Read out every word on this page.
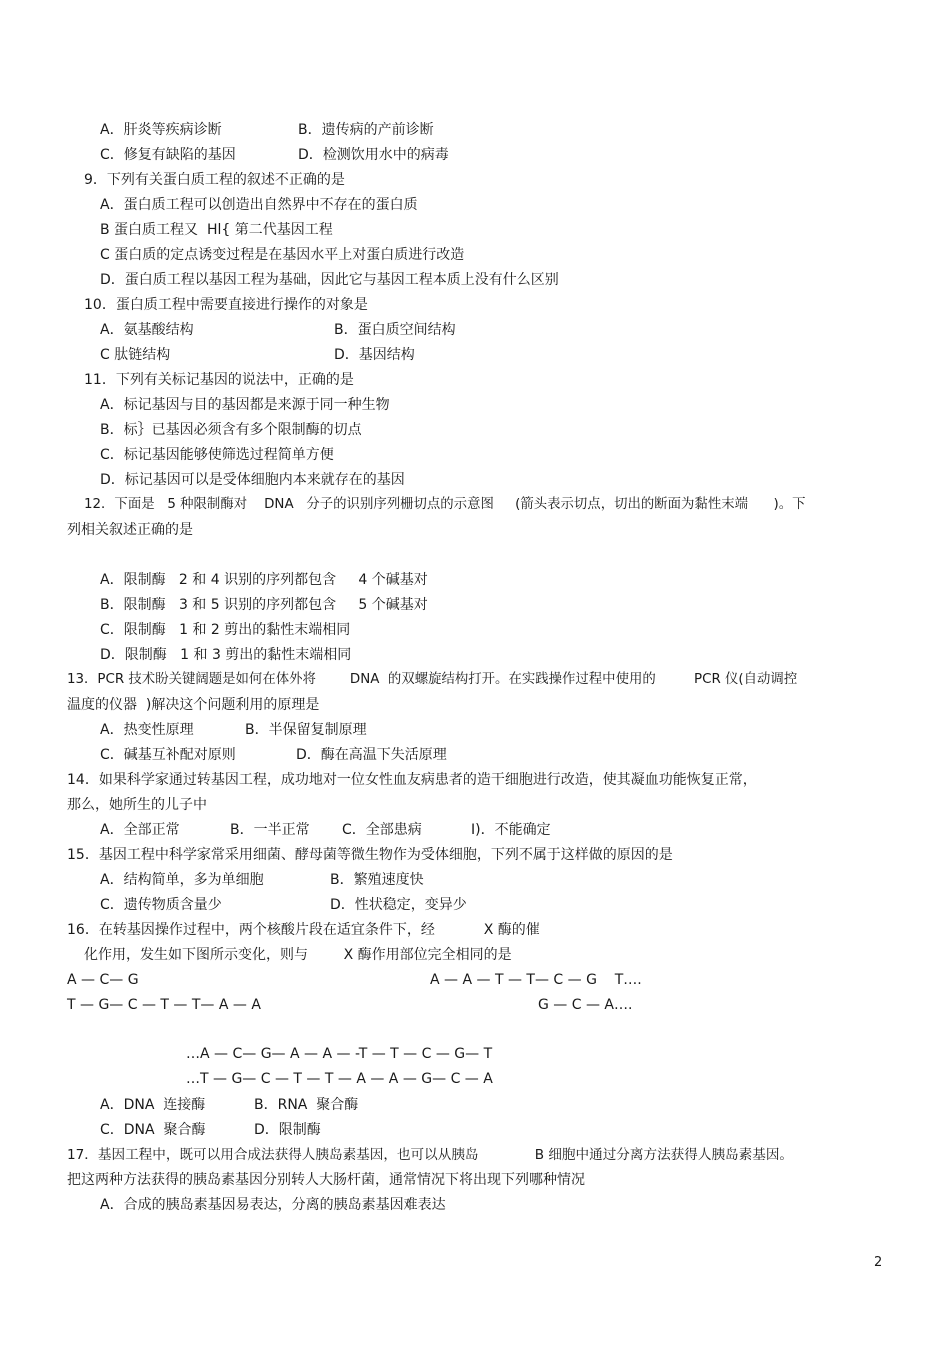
A．肝炎等疾病诊断	B．遗传病的产前诊断
C．修复有缺陷的基因	D．检测饮用水中的病毒
9．下列有关蛋白质工程的叙述不正确的是
A．蛋白质工程可以创造出自然界中不存在的蛋白质
B 蛋白质工程又  Hl{ 第二代基因工程
C 蛋白质的定点诱变过程是在基因水平上对蛋白质进行改造
D．蛋白质工程以基因工程为基础，因此它与基因工程本质上没有什么区别
10．蛋白质工程中需要直接进行操作的对象是
A．氨基酸结构	B．蛋白质空间结构
C 肽链结构	D．基因结构
11．下列有关标记基因的说法中，正确的是
A．标记基因与目的基因都是来源于同一种生物
B．标｝已基因必须含有多个限制酶的切点
C．标记基因能够使筛选过程简单方便
D．标记基因可以是受体细胞内本来就存在的基因
12．下面是   5 种限制酶对    DNA   分子的识别序列栅切点的示意图     (箭头表示切点，切出的断面为黏性末端      )。下
列相关叙述正确的是
A．限制酶   2 和 4 识别的序列都包含     4 个碱基对
B．限制酶   3 和 5 识别的序列都包含     5 个碱基对
C．限制酶   1 和 2 剪出的黏性末端相同
D．限制酶   1 和 3 剪出的黏性末端相同
13．PCR 技术盼关键阔题是如何在体外将        DNA  的双螺旋结构打开。在实践操作过程中使用的         PCR 仪(自动调控
温度的仪器  )解决这个问题利用的原理是
A．热变性原理	B．半保留复制原理
C．碱基互补配对原则	D．酶在高温下失活原理
14．如果科学家通过转基因工程，成功地对一位女性血友病患者的造干细胞进行改造，使其凝血功能恢复正常，
那么，她所生的儿子中
A．全部正常	B．一半正常 C．全部患病	I)．不能确定
15．基因工程中科学家常采用细菌、酵母菌等微生物作为受体细胞，下列不属于这样做的原因的是
A．结构简单，多为单细胞	B．繁殖速度快
C．遗传物质含量少	D．性状稳定，变异少
16．在转基因操作过程中，两个核酸片段在适宜条件下，经           X 酶的催
化作用，发生如下图所示变化，则与        X 酶作用部位完全相同的是
A — C— G
T — G— C — T — T— A — A
A — A — T — T— C — G    T….
G — C — A….
…A — C— G— A — A — -T — T — C — G— T
…T — G— C — T — T — A — A — G— C — A
A．DNA  连接酶	B．RNA  聚合酶
C．DNA  聚合酶	D．限制酶
17．基因工程中，既可以用合成法获得人胰岛素基因，也可以从胰岛             B 细胞中通过分离方法获得人胰岛素基因。
把这两种方法获得的胰岛素基因分别转人大肠杆菌，通常情况下将出现下列哪种情况
A．合成的胰岛素基因易表达，分离的胰岛素基因难表达
2
